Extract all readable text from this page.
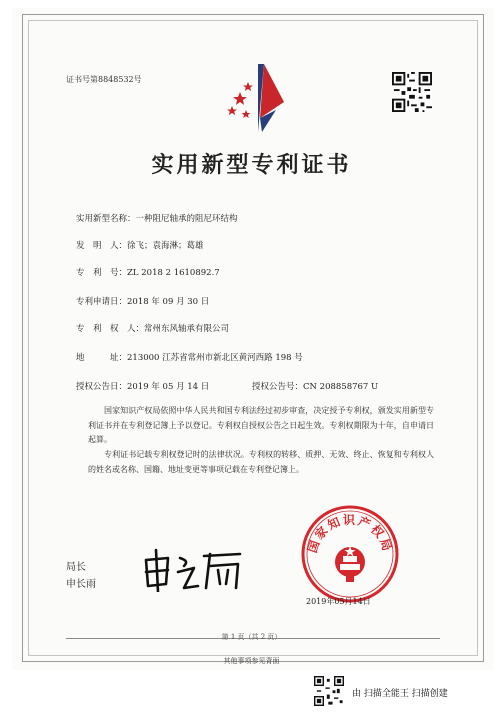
证书号第8848532号
实用新型专利证书
实用新型名称：一种阻尼轴承的阻尼环结构
发　明　人：徐飞；袁海淋；葛雄
专　利　号：ZL 2018 2 1610892.7
专利申请日：2018 年 09 月 30 日
专　利　权　人：常州东风轴承有限公司
地　　　址：213000 江苏省常州市新北区黄河西路 198 号
授权公告日：2019 年 05 月 14 日	授权公告号：CN 208858767 U
国家知识产权局依照中华人民共和国专利法经过初步审查，决定授予专利权，颁发实用新型专利证书并在专利登记簿上予以登记。专利权自授权公告之日起生效。专利权期限为十年，自申请日起算。
专利证书记载专利权登记时的法律状况。专利权的转移、质押、无效、终止、恢复和专利权人的姓名或名称、国籍、地址变更等事项记载在专利登记簿上。
局长
申长雨
国家知识产权局
2019年05月14日
第 1 页（共 2 页）
其他事项参见背面
由 扫描全能王 扫描创建
